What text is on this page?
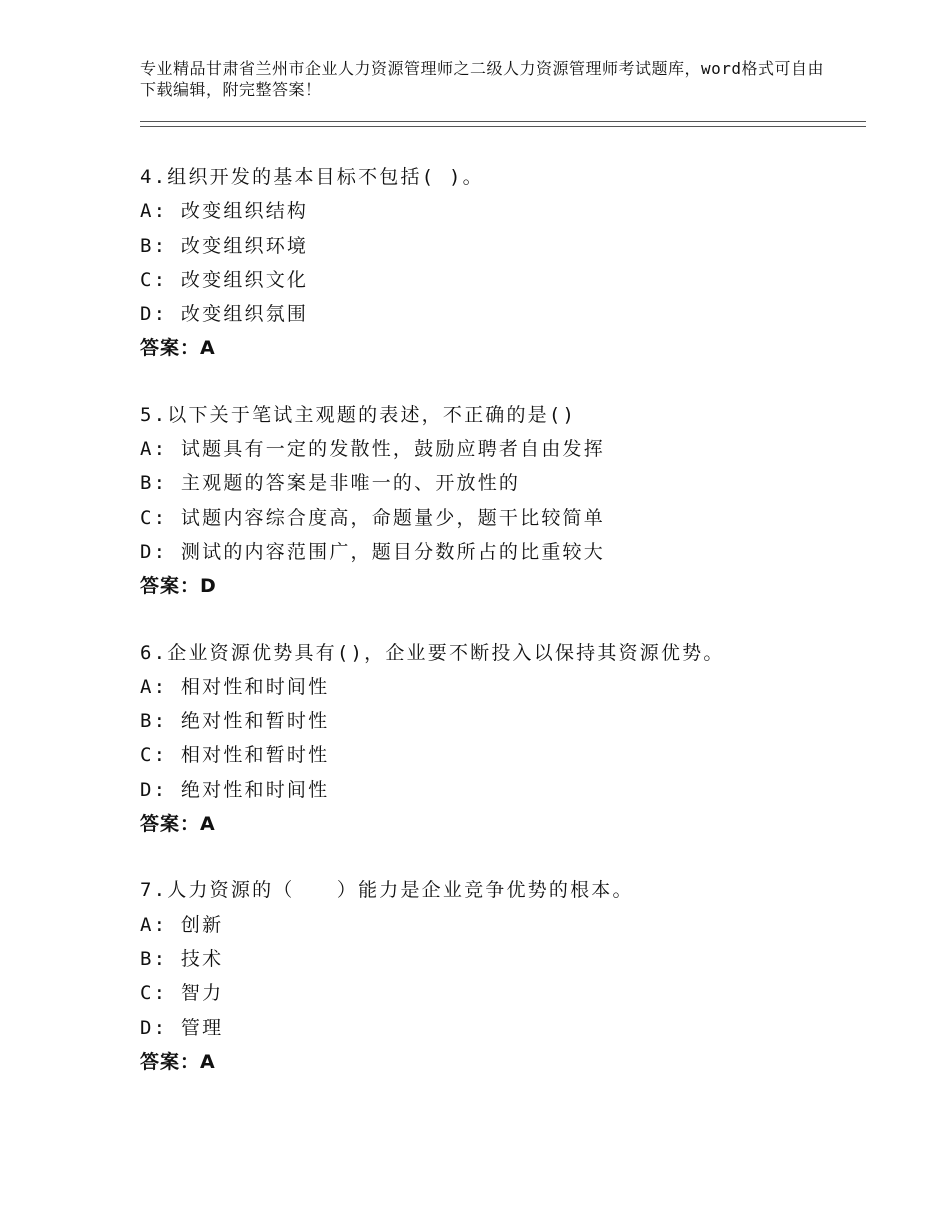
专业精品甘肃省兰州市企业人力资源管理师之二级人力资源管理师考试题库，word格式可自由下载编辑，附完整答案！
4.组织开发的基本目标不包括( )。
A: 改变组织结构
B: 改变组织环境
C: 改变组织文化
D: 改变组织氛围
答案：A
5.以下关于笔试主观题的表述，不正确的是()
A: 试题具有一定的发散性，鼓励应聘者自由发挥
B: 主观题的答案是非唯一的、开放性的
C: 试题内容综合度高，命题量少，题干比较简单
D: 测试的内容范围广，题目分数所占的比重较大
答案：D
6.企业资源优势具有()，企业要不断投入以保持其资源优势。
A: 相对性和时间性
B: 绝对性和暂时性
C: 相对性和暂时性
D: 绝对性和时间性
答案：A
7.人力资源的（　　）能力是企业竞争优势的根本。
A: 创新
B: 技术
C: 智力
D: 管理
答案：A
